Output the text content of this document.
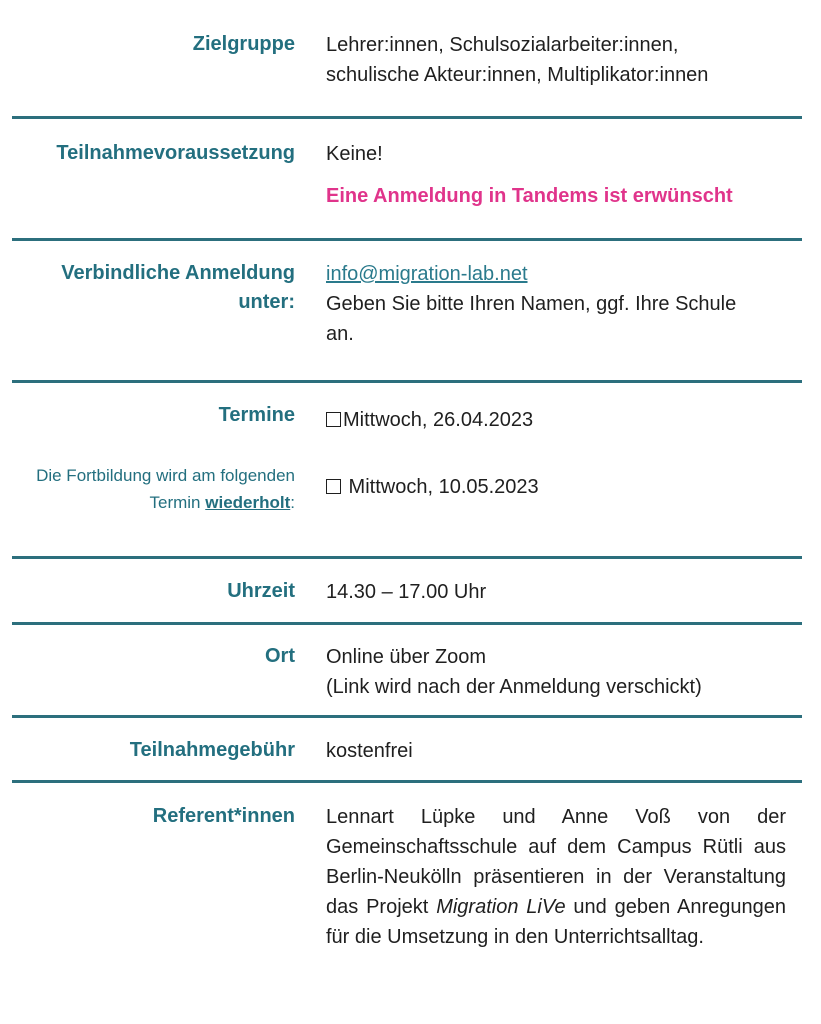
Zielgruppe Lehrer:innen, Schulsozialarbeiter:innen,
schulische Akteur:innen, Multiplikator:innen
Teilnahmevoraussetzung Keine!
Eine Anmeldung in Tandems ist erwünscht
Verbindliche Anmeldung
unter:
info@migration-lab.net
Geben Sie bitte Ihren Namen, ggf. Ihre Schule an.
Termine	Mittwoch, 26.04.2023
Die Fortbildung wird am folgenden Termin wiederholt:
Mittwoch, 10.05.2023
Uhrzeit 14.30 – 17.00 Uhr
Ort Online über Zoom
(Link wird nach der Anmeldung verschickt)
Teilnahmegebühr kostenfrei
Referent*innen Lennart Lüpke und Anne Voß von der Gemeinschaftsschule auf dem Campus Rütli aus Berlin-Neukölln präsentieren in der Veranstaltung das Projekt Migration LiVe und geben Anregungen für die Umsetzung in den Unterrichtsalltag.
